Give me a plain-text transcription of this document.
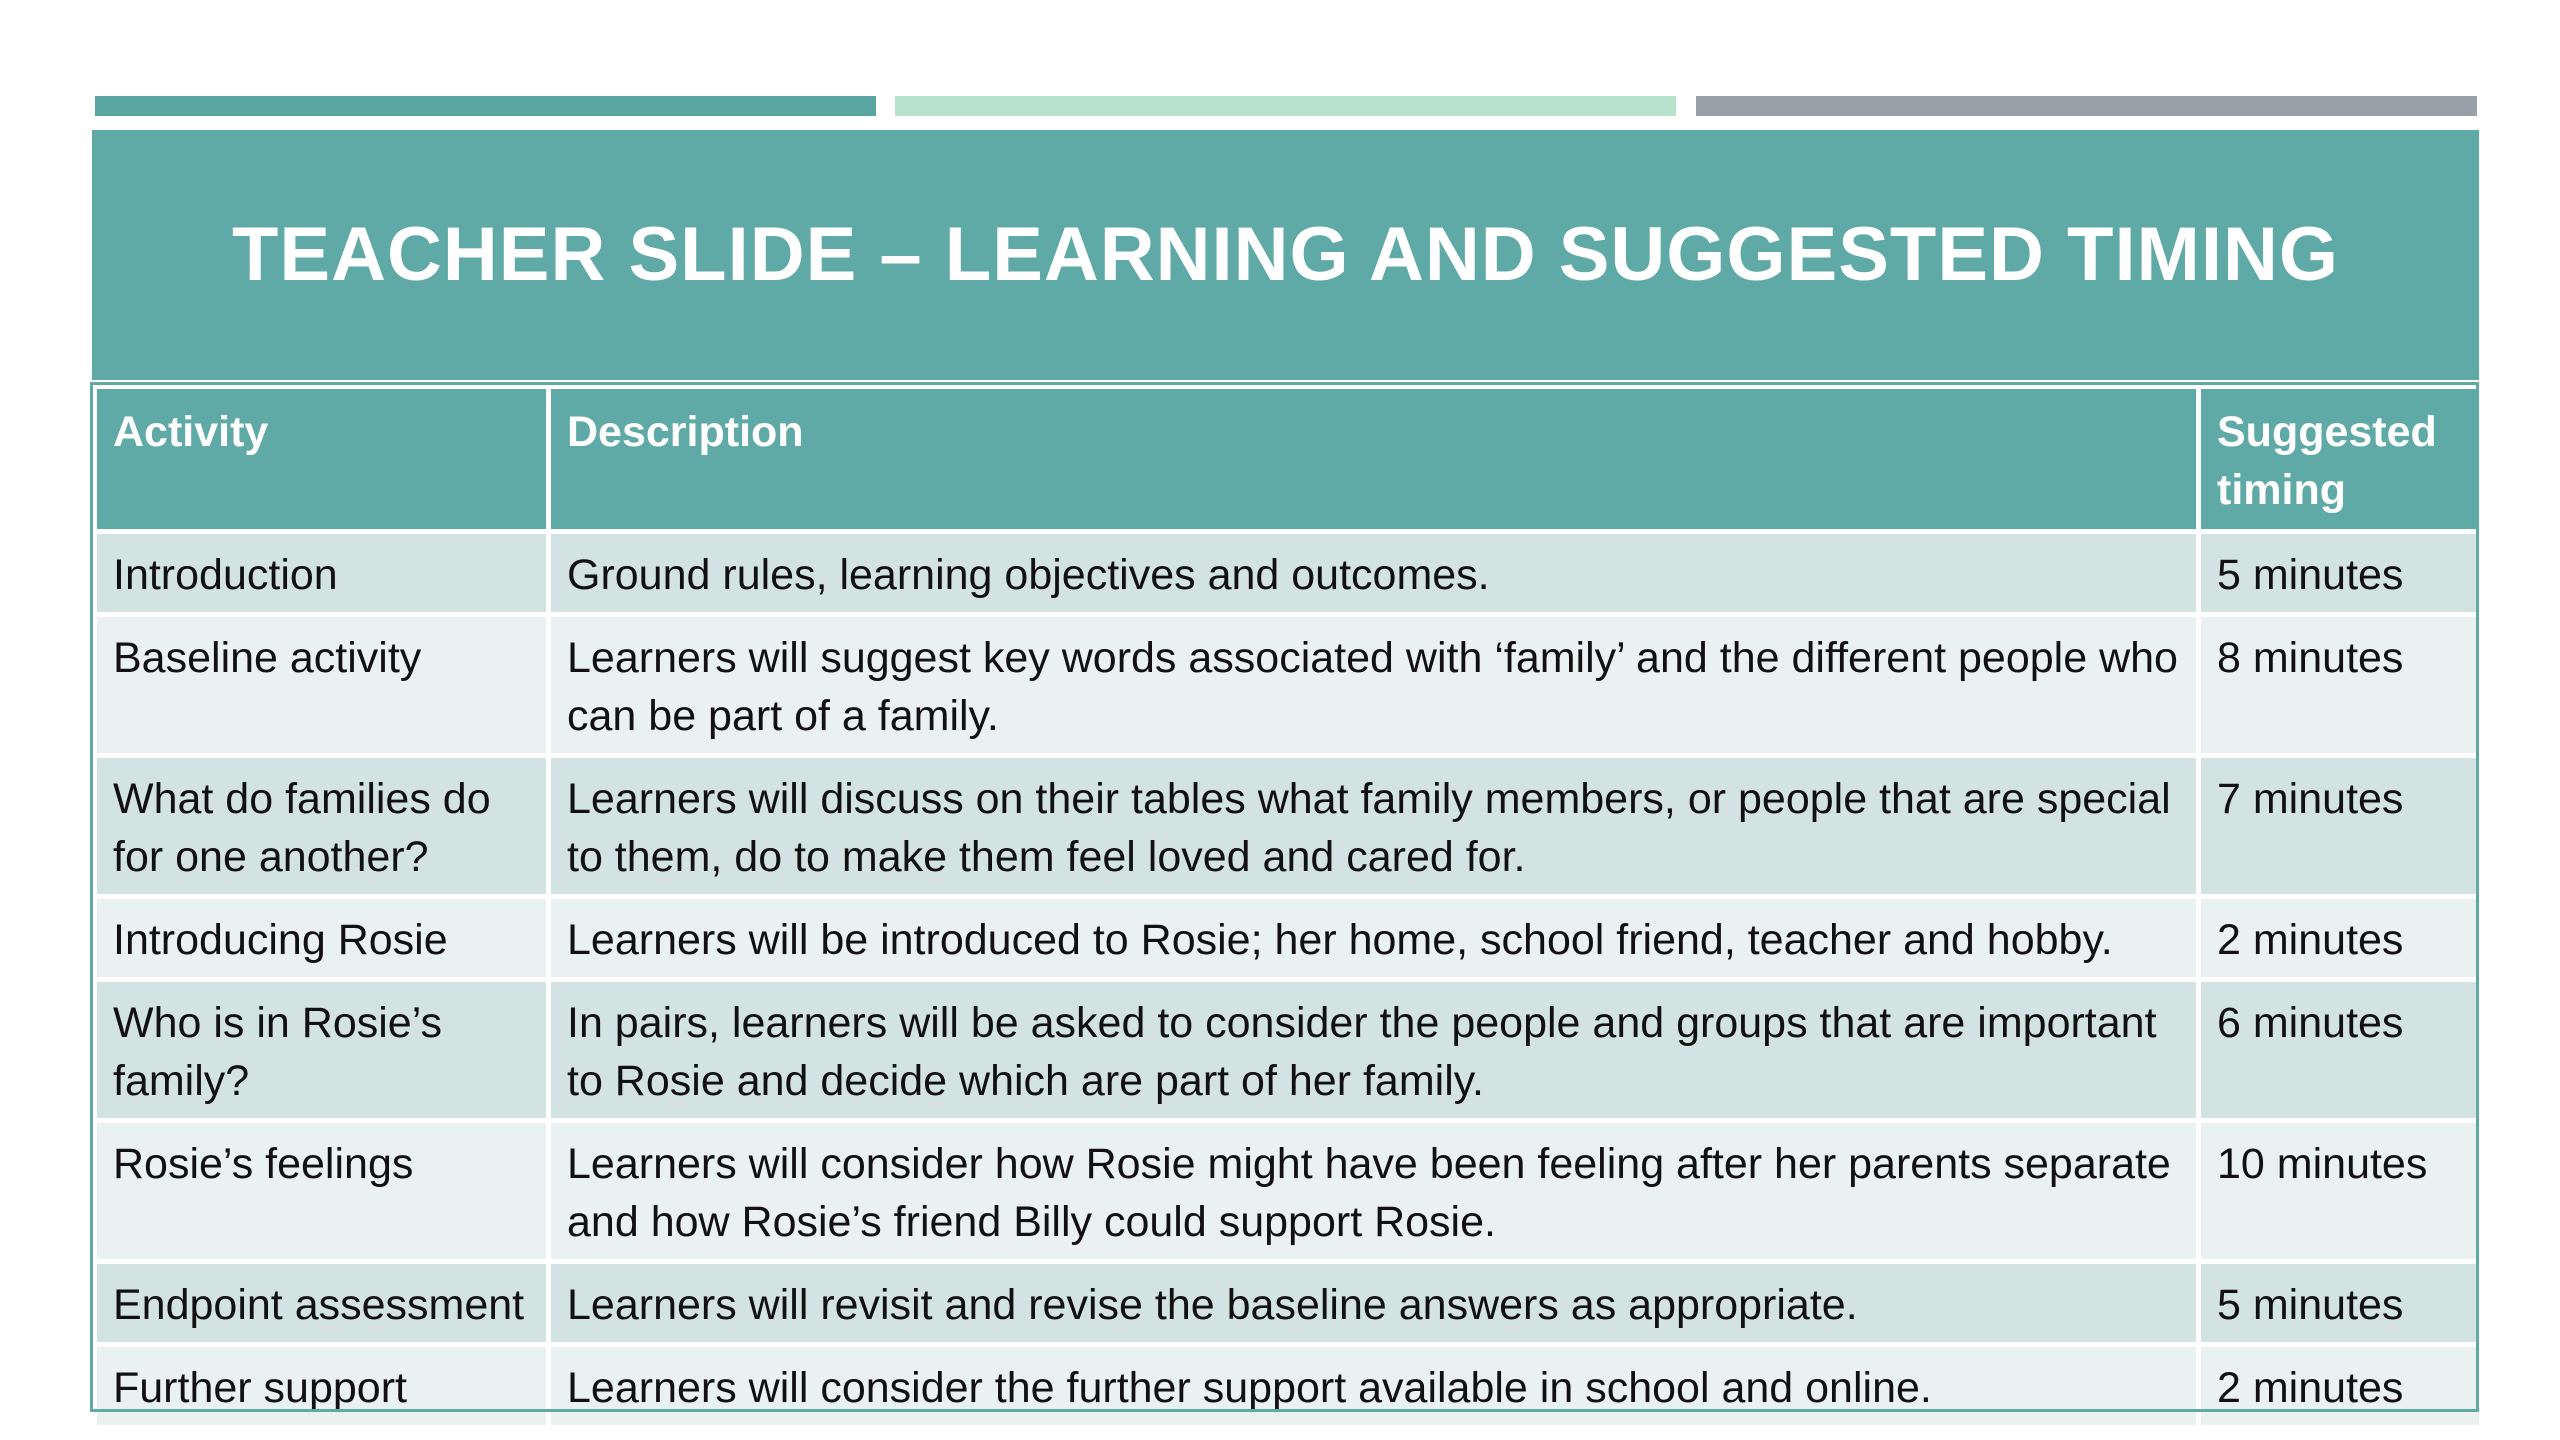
TEACHER SLIDE – LEARNING AND SUGGESTED TIMING
Activity	Description	Suggested timing
Introduction	Ground rules, learning objectives and outcomes.	5 minutes
Baseline activity	Learners will suggest key words associated with ‘family’ and the different people who can be part of a family.	8 minutes
What do families do for one another?	Learners will discuss on their tables what family members, or people that are special to them, do to make them feel loved and cared for.	7 minutes
Introducing Rosie	Learners will be introduced to Rosie; her home, school friend, teacher and hobby.	2 minutes
Who is in Rosie’s family?	In pairs, learners will be asked to consider the people and groups that are important to Rosie and decide which are part of her family.	6 minutes
Rosie’s feelings	Learners will consider how Rosie might have been feeling after her parents separate and how Rosie’s friend Billy could support Rosie.	10 minutes
Endpoint assessment	Learners will revisit and revise the baseline answers as appropriate.	5 minutes
Further support	Learners will consider the further support available in school and online.	2 minutes
